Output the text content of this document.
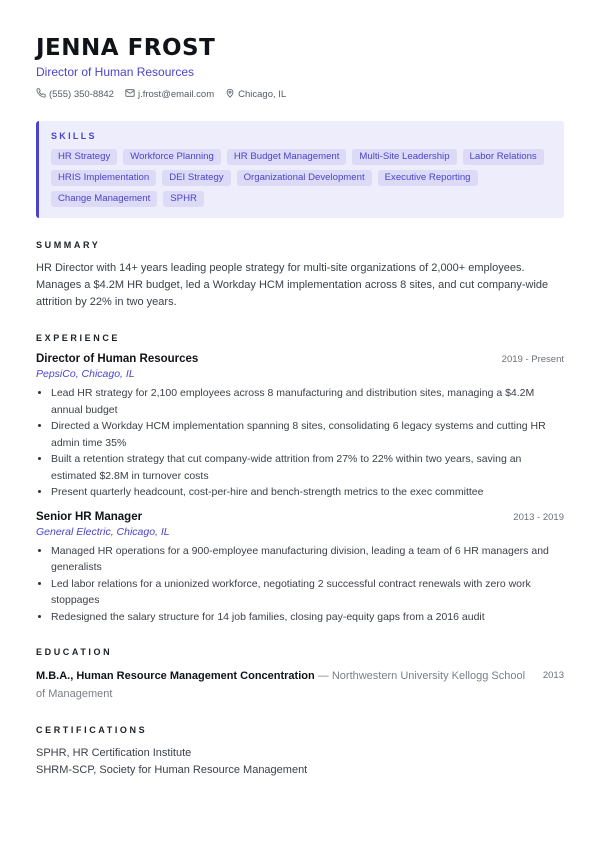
JENNA FROST
Director of Human Resources
(555) 350-8842	j.frost@email.com	Chicago, IL
SKILLS
HR Strategy	Workforce Planning	HR Budget Management	Multi-Site Leadership	Labor Relations
HRIS Implementation	DEI Strategy	Organizational Development	Executive Reporting
Change Management	SPHR
SUMMARY

HR Director with 14+ years leading people strategy for multi-site organizations of 2,000+ employees. Manages a $4.2M HR budget, led a Workday HCM implementation across 8 sites, and cut company-wide attrition by 22% in two years.

EXPERIENCE
Director of Human Resources	2019 - Present
PepsiCo, Chicago, IL
• Lead HR strategy for 2,100 employees across 8 manufacturing and distribution sites, managing a $4.2M annual budget
• Directed a Workday HCM implementation spanning 8 sites, consolidating 6 legacy systems and cutting HR admin time 35%
• Built a retention strategy that cut company-wide attrition from 27% to 22% within two years, saving an estimated $2.8M in turnover costs
• Present quarterly headcount, cost-per-hire and bench-strength metrics to the exec committee
Senior HR Manager	2013 - 2019
General Electric, Chicago, IL
• Managed HR operations for a 900-employee manufacturing division, leading a team of 6 HR managers and generalists
• Led labor relations for a unionized workforce, negotiating 2 successful contract renewals with zero work stoppages
• Redesigned the salary structure for 14 job families, closing pay-equity gaps from a 2016 audit
EDUCATION
M.B.A., Human Resource Management Concentration — Northwestern University Kellogg School of Management
2013
CERTIFICATIONS
SPHR, HR Certification Institute
SHRM-SCP, Society for Human Resource Management
